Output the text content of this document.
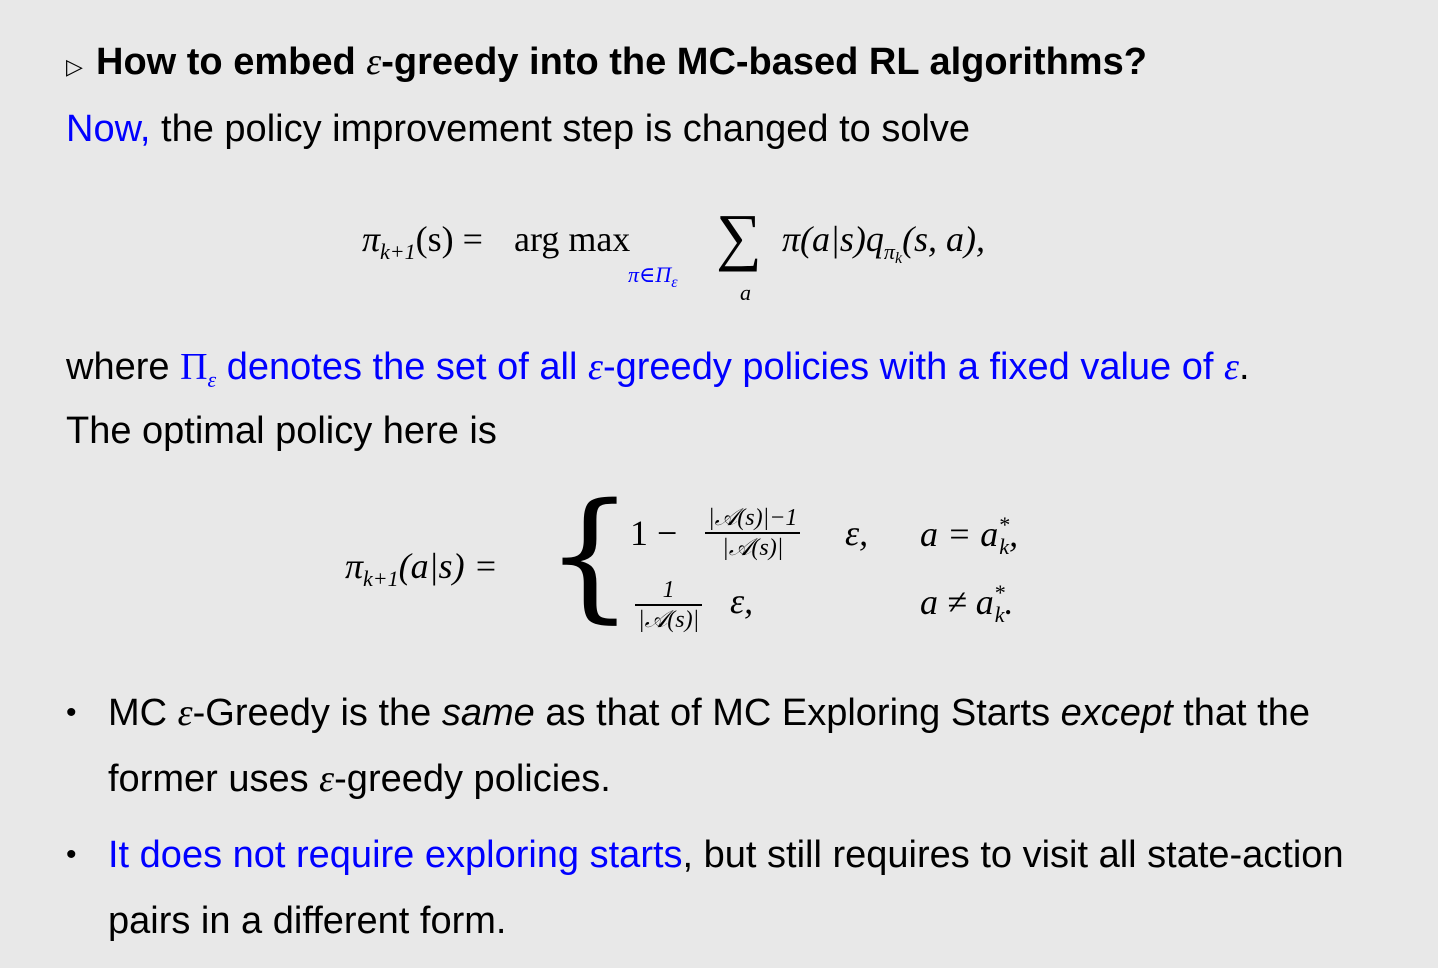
▷ How to embed ε-greedy into the MC-based RL algorithms?
Now, the policy improvement step is changed to solve
$\pi_{k+1}(s)$ = arg max
$\pi\in\Pi_\varepsilon$
∑
a
$\pi(a|s)q_{\pi k}(s$, a),
where $\Pi_\varepsilon$ denotes the set of all ε-greedy policies with a fixed value of ε.
The optimal policy here is
$\pi_{k+1}(a|s)$ = {
1 − |𝒜(s)|−1
|𝒜(s)|	ε, $a = a^*_k$,
1
|𝒜(s)| ε,	$a \ne a^*_k$.
• MC ε-Greedy is the same as that of MC Exploring Starts except that the former uses ε-greedy policies.
• It does not require exploring starts, but still requires to visit all state-action pairs in a different form.
